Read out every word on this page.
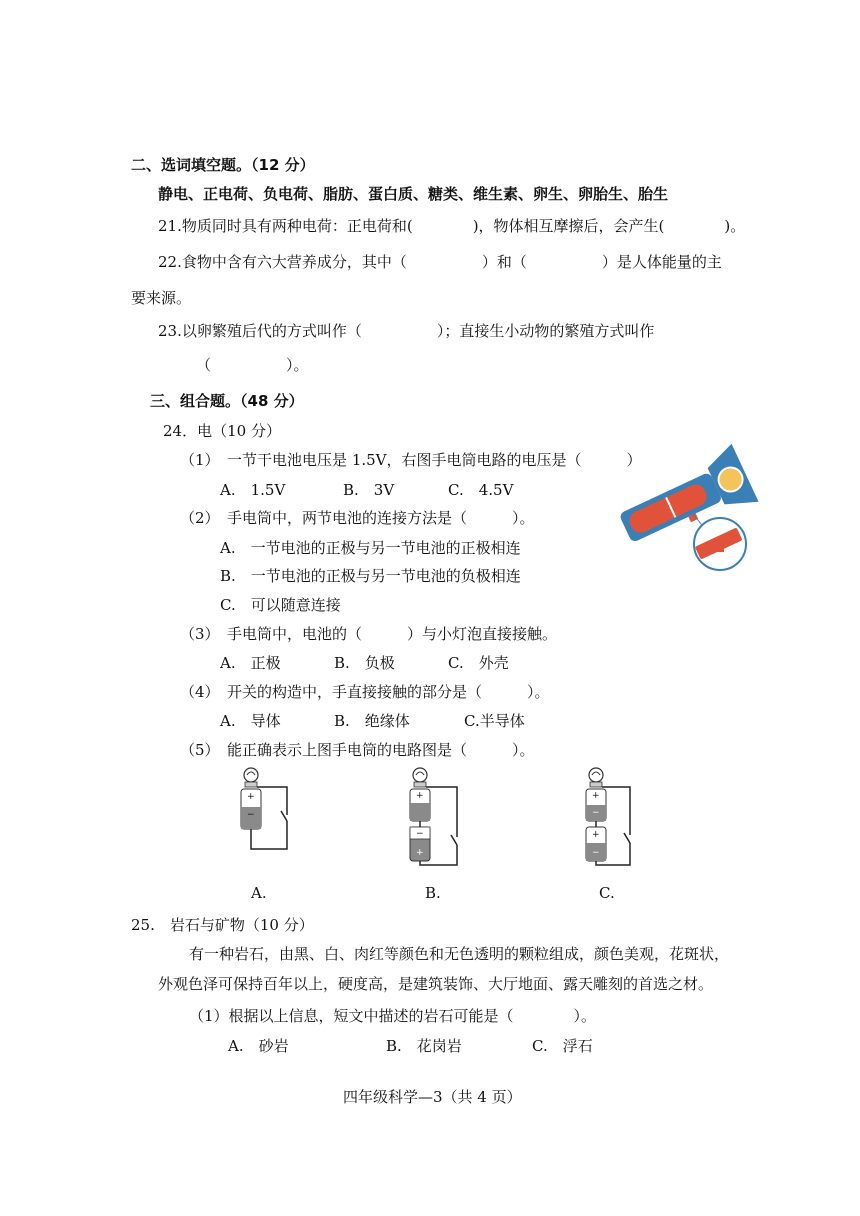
二、选词填空题。（12 分）
静电、正电荷、负电荷、脂肪、蛋白质、糖类、维生素、卵生、卵胎生、胎生
21.物质同时具有两种电荷：正电荷和(　　　　)，物体相互摩擦后，会产生(　　　　)。
22.食物中含有六大营养成分，其中（　　　　　）和（　　　　　）是人体能量的主
要来源。
23.以卵繁殖后代的方式叫作（　　　　　）；直接生小动物的繁殖方式叫作
（　　　　　）。
三、组合题。（48 分）
24．电（10 分）
（1）　一节干电池电压是 1.5V，右图手电筒电路的电压是（　　　）
A.　1.5V	B.　3V	C.　4.5V
（2）　手电筒中，两节电池的连接方法是（　　　）。
A.　一节电池的正极与另一节电池的正极相连
B.　一节电池的正极与另一节电池的负极相连
C.　可以随意连接
（3）　手电筒中，电池的（　　　）与小灯泡直接接触。
A.　正极	B.　负极	C.　外壳
（4）　开关的构造中，手直接接触的部分是（　　　）。
A.　导体	B.　绝缘体	C.半导体
（5）　能正确表示上图手电筒的电路图是（　　　）。
+
−
+
−
+
+
−
+
−
A.	B.	C.
25.　岩石与矿物（10 分）
有一种岩石，由黑、白、肉红等颜色和无色透明的颗粒组成，颜色美观，花斑状，
外观色泽可保持百年以上，硬度高，是建筑装饰、大厅地面、露天雕刻的首选之材。
（1）根据以上信息，短文中描述的岩石可能是（　　　　）。
A.　砂岩	B.　花岗岩	C.　浮石
四年级科学—3（共 4 页）
